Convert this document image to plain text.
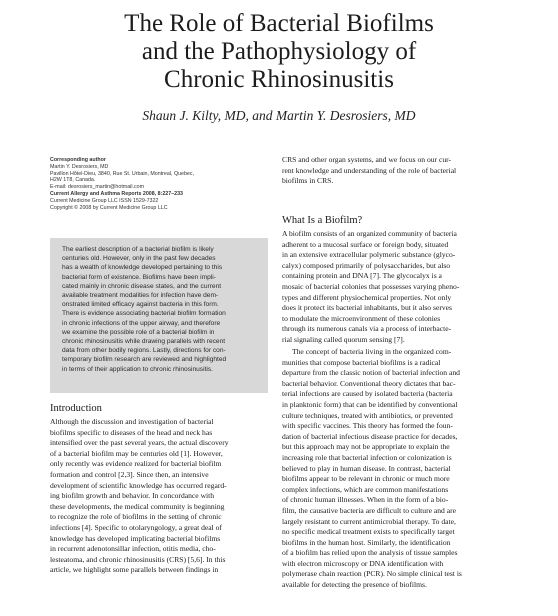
The Role of Bacterial Biofilms
and the Pathophysiology of
Chronic Rhinosinusitis
Shaun J. Kilty, MD, and Martin Y. Desrosiers, MD
Corresponding author
Martin Y. Desrosiers, MD
Pavillon Hôtel-Dieu, 3840, Rue St. Urbain, Montreal, Quebec,
H2W 1T8, Canada.
E-mail: desrosiers_martin@hotmail.com
Current Allergy and Asthma Reports 2008, 8:227–233
Current Medicine Group LLC ISSN 1529-7322
Copyright © 2008 by Current Medicine Group LLC
The earliest description of a bacterial biofilm is likely
centuries old. However, only in the past few decades
has a wealth of knowledge developed pertaining to this
bacterial form of existence. Biofilms have been impli-
cated mainly in chronic disease states, and the current
available treatment modalities for infection have dem-
onstrated limited efficacy against bacteria in this form.
There is evidence associating bacterial biofilm formation
in chronic infections of the upper airway, and therefore
we examine the possible role of a bacterial biofilm in
chronic rhinosinusitis while drawing parallels with recent
data from other bodily regions. Lastly, directions for con-
temporary biofilm research are reviewed and highlighted
in terms of their application to chronic rhinosinusitis.
Introduction
Although the discussion and investigation of bacterial
biofilms specific to diseases of the head and neck has
intensified over the past several years, the actual discovery
of a bacterial biofilm may be centuries old [1]. However,
only recently was evidence realized for bacterial biofilm
formation and control [2,3]. Since then, an intensive
development of scientific knowledge has occurred regard-
ing biofilm growth and behavior. In concordance with
these developments, the medical community is beginning
to recognize the role of biofilms in the setting of chronic
infections [4]. Specific to otolaryngology, a great deal of
knowledge has developed implicating bacterial biofilms
in recurrent adenotonsillar infection, otitis media, cho-
lesteatoma, and chronic rhinosinusitis (CRS) [5,6]. In this
article, we highlight some parallels between findings in
CRS and other organ systems, and we focus on our cur-
rent knowledge and understanding of the role of bacterial
biofilms in CRS.
What Is a Biofilm?
A biofilm consists of an organized community of bacteria
adherent to a mucosal surface or foreign body, situated
in an extensive extracellular polymeric substance (glyco-
calyx) composed primarily of polysaccharides, but also
containing protein and DNA [7]. The glycocalyx is a
mosaic of bacterial colonies that possesses varying pheno-
types and different physiochemical properties. Not only
does it protect its bacterial inhabitants, but it also serves
to modulate the microenvironment of these colonies
through its numerous canals via a process of interbacte-
rial signaling called quorum sensing [7].
The concept of bacteria living in the organized com-
munities that compose bacterial biofilms is a radical
departure from the classic notion of bacterial infection and
bacterial behavior. Conventional theory dictates that bac-
terial infections are caused by isolated bacteria (bacteria
in planktonic form) that can be identified by conventional
culture techniques, treated with antibiotics, or prevented
with specific vaccines. This theory has formed the foun-
dation of bacterial infectious disease practice for decades,
but this approach may not be appropriate to explain the
increasing role that bacterial infection or colonization is
believed to play in human disease. In contrast, bacterial
biofilms appear to be relevant in chronic or much more
complex infections, which are common manifestations
of chronic human illnesses. When in the form of a bio-
film, the causative bacteria are difficult to culture and are
largely resistant to current antimicrobial therapy. To date,
no specific medical treatment exists to specifically target
biofilms in the human host. Similarly, the identification
of a biofilm has relied upon the analysis of tissue samples
with electron microscopy or DNA identification with
polymerase chain reaction (PCR). No simple clinical test is
available for detecting the presence of biofilms.
